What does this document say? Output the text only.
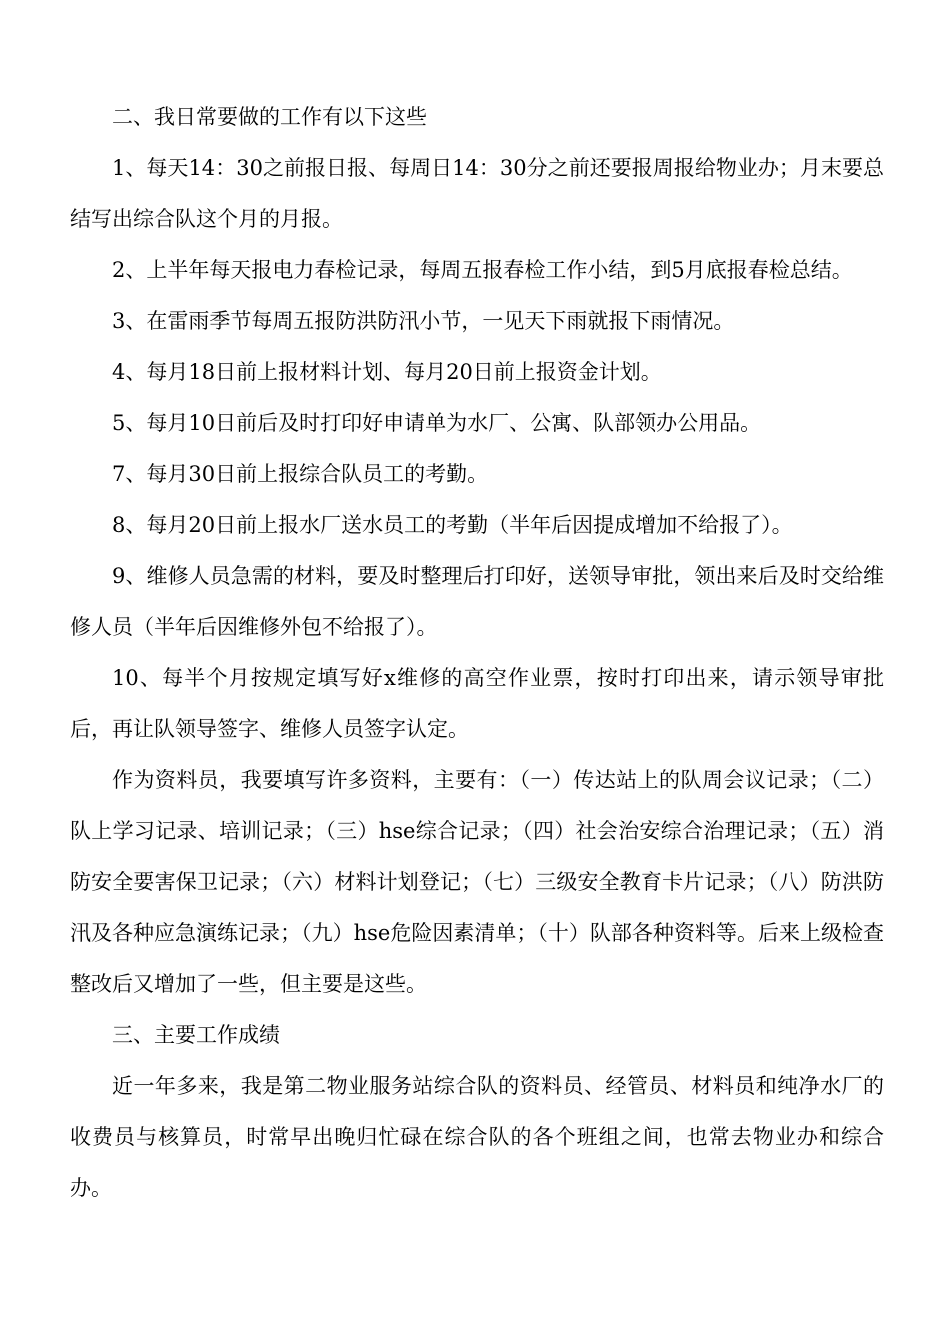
二、我日常要做的工作有以下这些

1、每天14：30之前报日报、每周日14：30分之前还要报周报给物业办；月末要总结写出综合队这个月的月报。

2、上半年每天报电力春检记录，每周五报春检工作小结，到5月底报春检总结。

3、在雷雨季节每周五报防洪防汛小节，一见天下雨就报下雨情况。

4、每月18日前上报材料计划、每月20日前上报资金计划。

5、每月10日前后及时打印好申请单为水厂、公寓、队部领办公用品。

7、每月30日前上报综合队员工的考勤。

8、每月20日前上报水厂送水员工的考勤（半年后因提成增加不给报了）。

9、维修人员急需的材料，要及时整理后打印好，送领导审批，领出来后及时交给维修人员（半年后因维修外包不给报了）。

10、每半个月按规定填写好x维修的高空作业票，按时打印出来，请示领导审批后，再让队领导签字、维修人员签字认定。

作为资料员，我要填写许多资料，主要有：（一）传达站上的队周会议记录；（二）队上学习记录、培训记录；（三）hse综合记录；（四）社会治安综合治理记录；（五）消防安全要害保卫记录；（六）材料计划登记；（七）三级安全教育卡片记录；（八）防洪防汛及各种应急演练记录；（九）hse危险因素清单；（十）队部各种资料等。后来上级检查整改后又增加了一些，但主要是这些。

三、主要工作成绩

近一年多来，我是第二物业服务站综合队的资料员、经管员、材料员和纯净水厂的收费员与核算员，时常早出晚归忙碌在综合队的各个班组之间，也常去物业办和综合办。
